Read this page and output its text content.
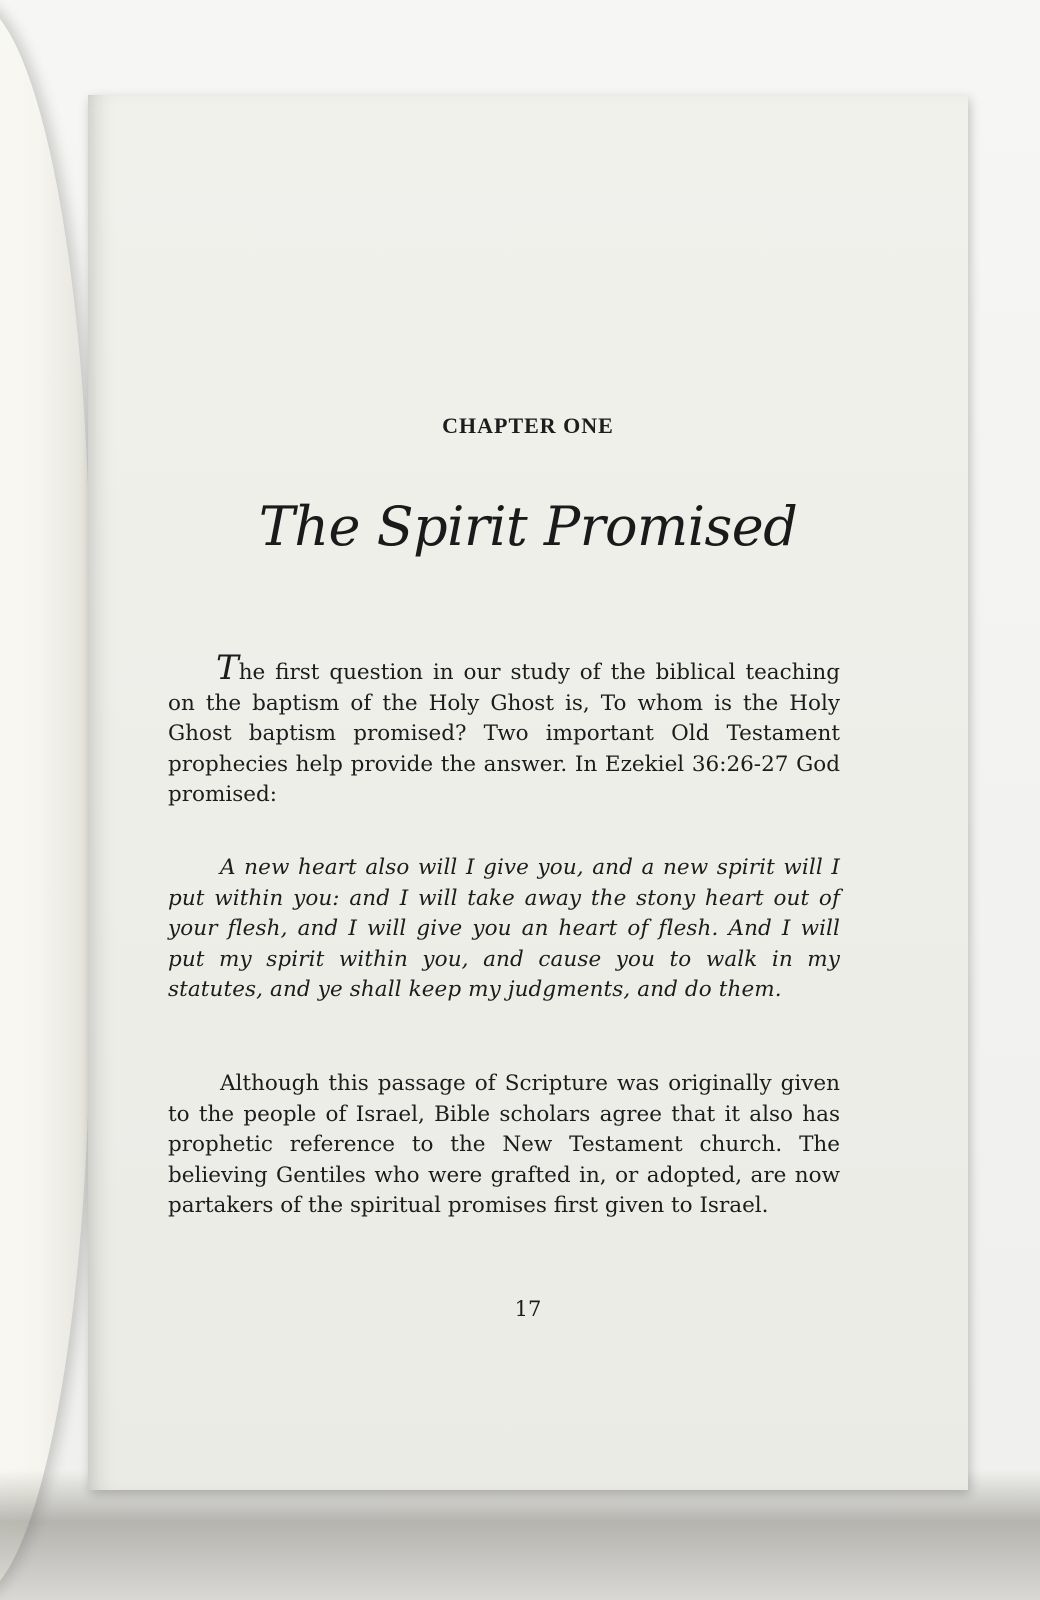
CHAPTER ONE
The Spirit Promised
The first question in our study of the biblical teaching on the baptism of the Holy Ghost is, To whom is the Holy Ghost baptism promised? Two important Old Testament prophecies help provide the answer. In Ezekiel 36:26-27 God promised:
A new heart also will I give you, and a new spirit will I put within you: and I will take away the stony heart out of your flesh, and I will give you an heart of flesh. And I will put my spirit within you, and cause you to walk in my statutes, and ye shall keep my judgments, and do them.
Although this passage of Scripture was originally given to the people of Israel, Bible scholars agree that it also has prophetic reference to the New Testament church. The believing Gentiles who were grafted in, or adopted, are now partakers of the spiritual promises first given to Israel.
17
